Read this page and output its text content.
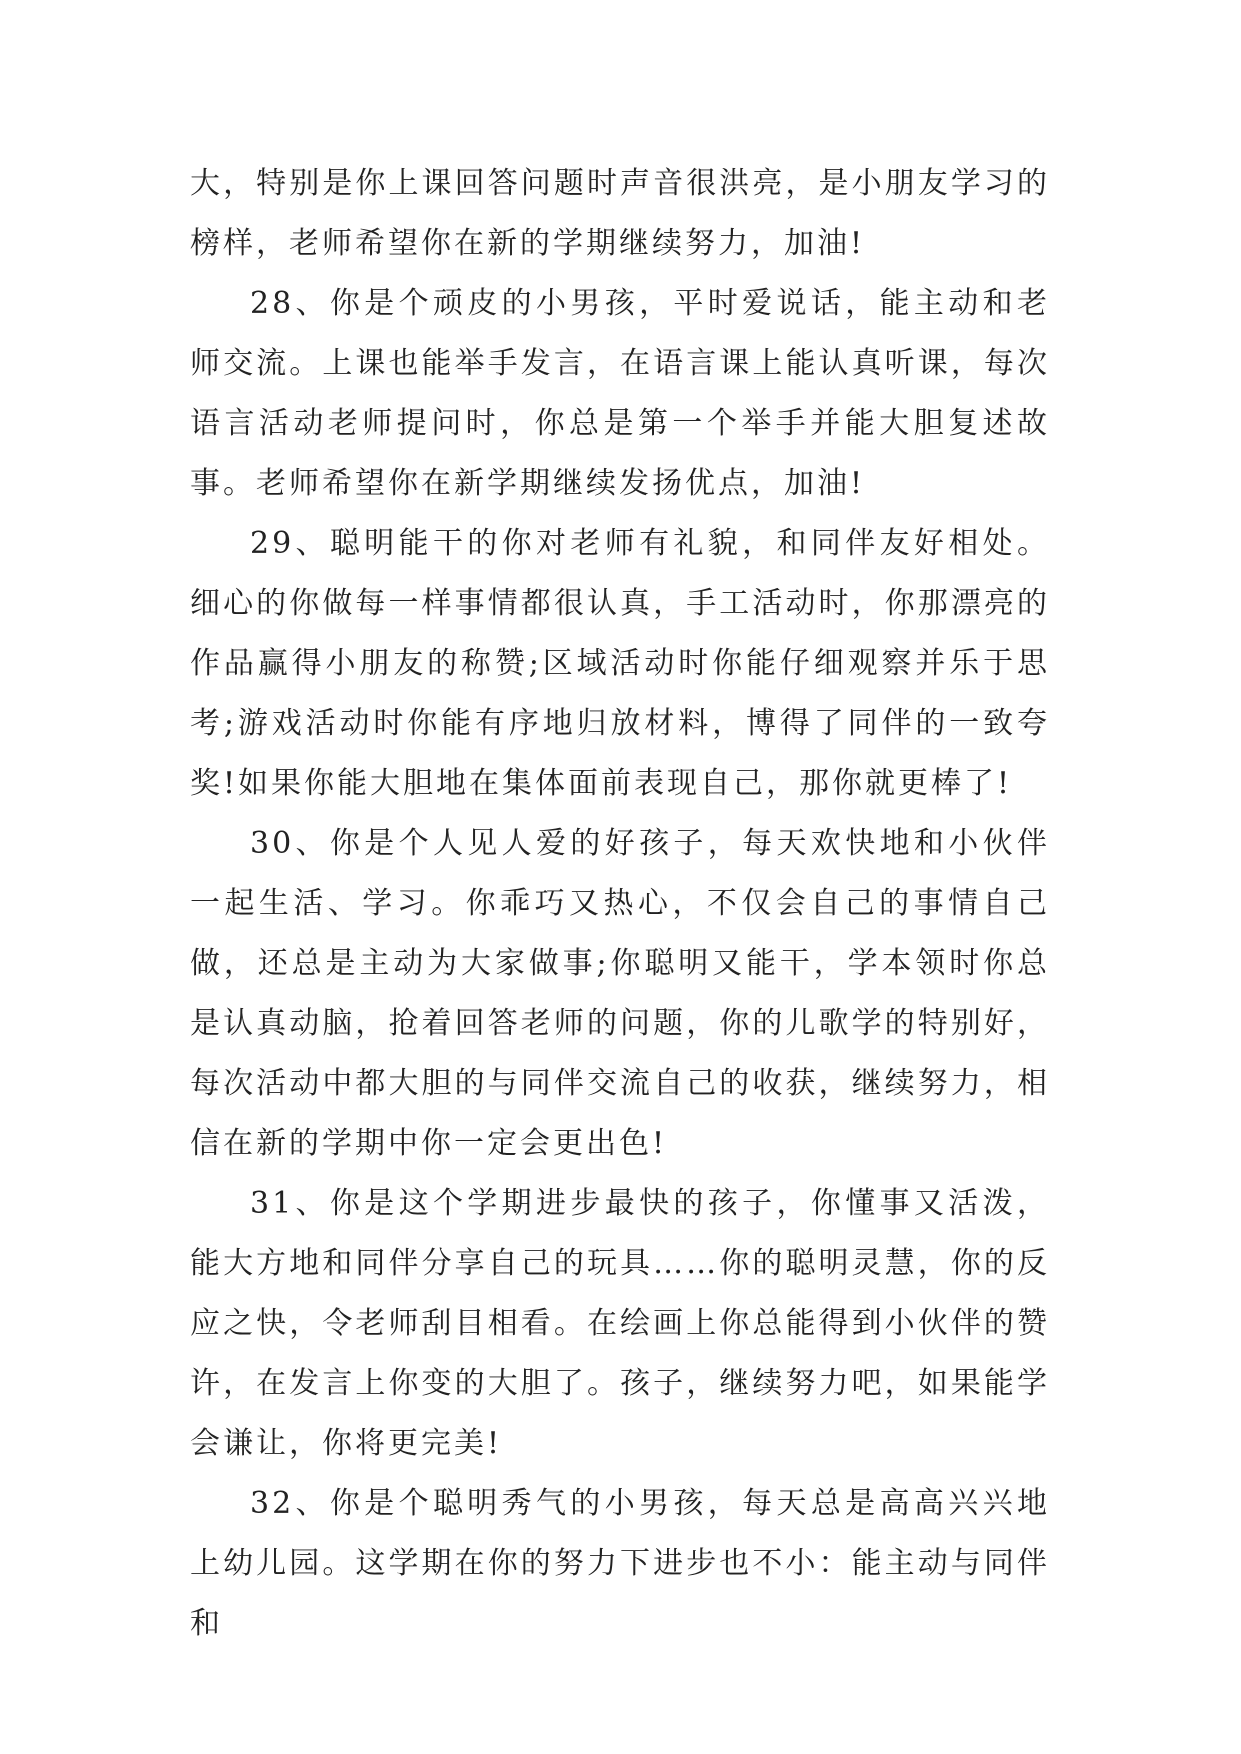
大，特别是你上课回答问题时声音很洪亮，是小朋友学习的榜样，老师希望你在新的学期继续努力，加油!

28、你是个顽皮的小男孩，平时爱说话，能主动和老师交流。上课也能举手发言，在语言课上能认真听课，每次语言活动老师提问时，你总是第一个举手并能大胆复述故事。老师希望你在新学期继续发扬优点，加油!

29、聪明能干的你对老师有礼貌，和同伴友好相处。细心的你做每一样事情都很认真，手工活动时，你那漂亮的作品赢得小朋友的称赞;区域活动时你能仔细观察并乐于思考;游戏活动时你能有序地归放材料，博得了同伴的一致夸奖!如果你能大胆地在集体面前表现自己，那你就更棒了!

30、你是个人见人爱的好孩子，每天欢快地和小伙伴一起生活、学习。你乖巧又热心，不仅会自己的事情自己做，还总是主动为大家做事;你聪明又能干，学本领时你总是认真动脑，抢着回答老师的问题，你的儿歌学的特别好，每次活动中都大胆的与同伴交流自己的收获，继续努力，相信在新的学期中你一定会更出色!

31、你是这个学期进步最快的孩子，你懂事又活泼，能大方地和同伴分享自己的玩具……你的聪明灵慧，你的反应之快，令老师刮目相看。在绘画上你总能得到小伙伴的赞许，在发言上你变的大胆了。孩子，继续努力吧，如果能学会谦让，你将更完美!

32、你是个聪明秀气的小男孩，每天总是高高兴兴地上幼儿园。这学期在你的努力下进步也不小：能主动与同伴和
